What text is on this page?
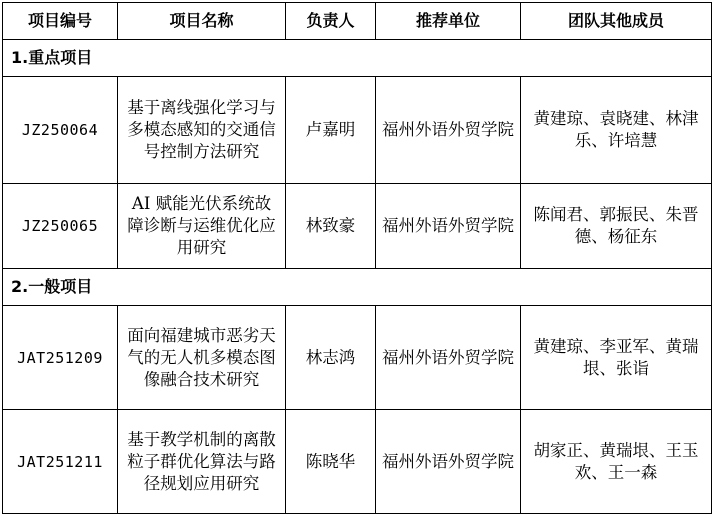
项目编号	项目名称	负责人	推荐单位	团队其他成员
1.重点项目				
JZ250064	基于离线强化学习与多模态感知的交通信号控制方法研究	卢嘉明	福州外语外贸学院	黄建琼、袁晓建、林津乐、许培慧
JZ250065	AI 赋能光伏系统故障诊断与运维优化应用研究	林致豪	福州外语外贸学院	陈闻君、郭振民、朱晋德、杨征东
2.一般项目				
JAT251209	面向福建城市恶劣天气的无人机多模态图像融合技术研究	林志鸿	福州外语外贸学院	黄建琼、李亚军、黄瑞垠、张诣
JAT251211	基于教学机制的离散粒子群优化算法与路径规划应用研究	陈晓华	福州外语外贸学院	胡家正、黄瑞垠、王玉欢、王一森
